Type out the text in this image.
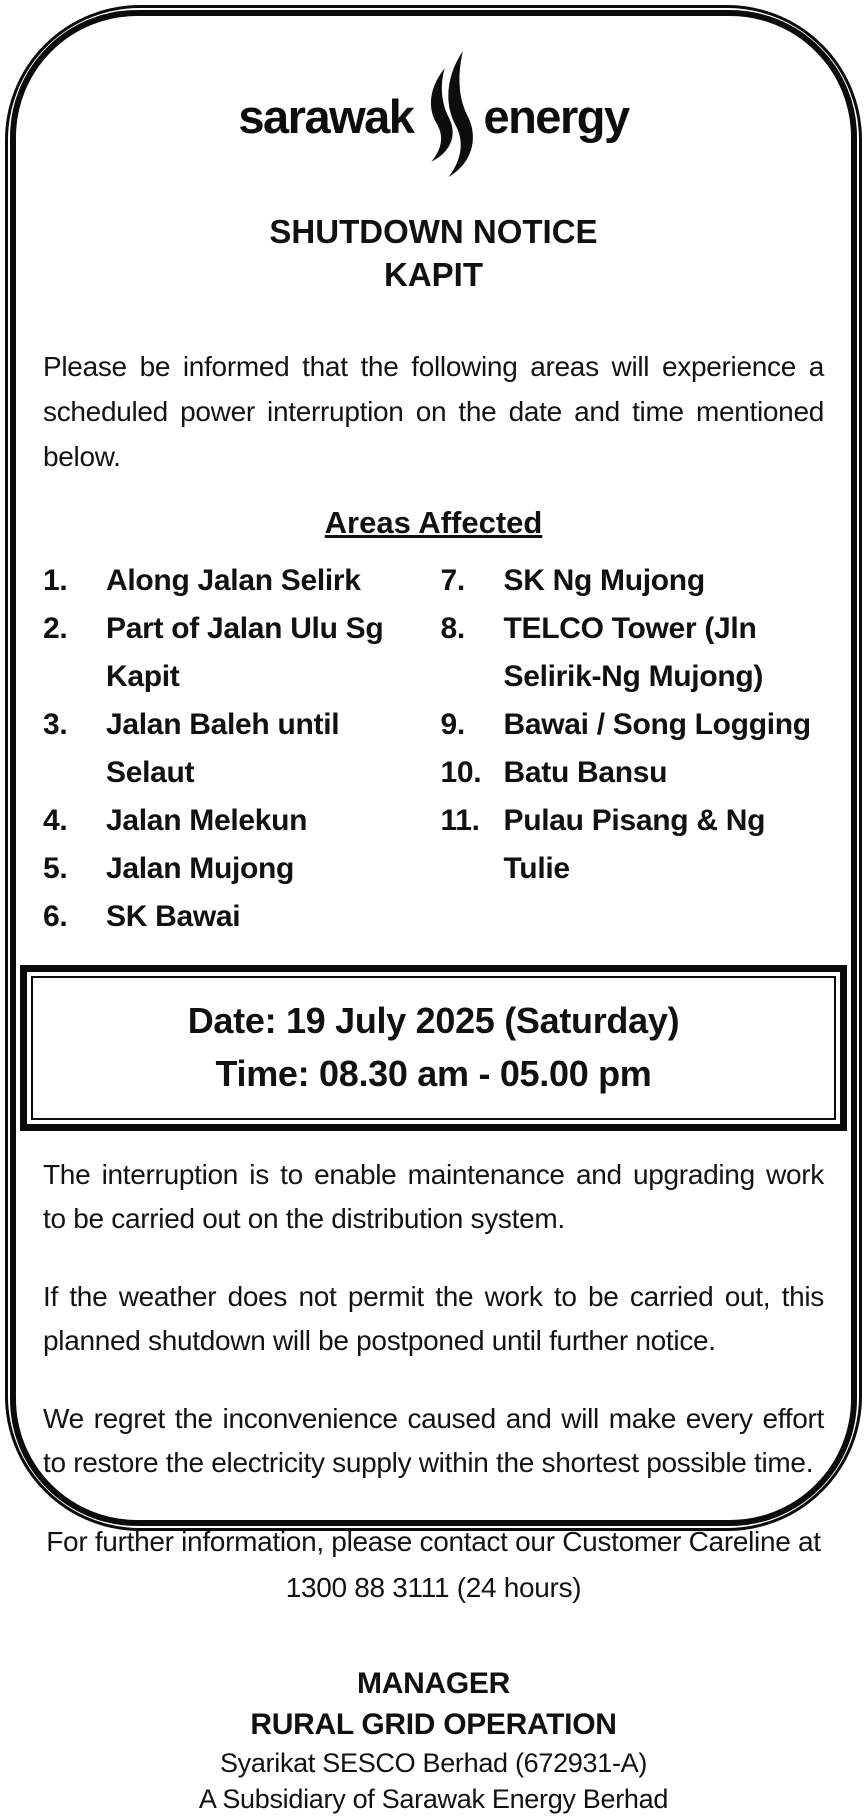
sarawak energy
SHUTDOWN NOTICE
KAPIT
Please be informed that the following areas will experience a scheduled power interruption on the date and time mentioned below.
Areas Affected
1.	Along Jalan Selirk
2.	Part of Jalan Ulu Sg Kapit
3.	Jalan Baleh until Selaut
4.	Jalan Melekun
5.	Jalan Mujong
6.	SK Bawai
7.	SK Ng Mujong
8.	TELCO Tower (Jln Selirik-Ng Mujong)
9.	Bawai / Song Logging
10. Batu Bansu
11. Pulau Pisang & Ng Tulie
Date: 19 July 2025 (Saturday)
Time: 08.30 am - 05.00 pm

The interruption is to enable maintenance and upgrading work to be carried out on the distribution system.

If the weather does not permit the work to be carried out, this planned shutdown will be postponed until further notice.

We regret the inconvenience caused and will make every effort to restore the electricity supply within the shortest possible time.

For further information, please contact our Customer Careline at
1300 88 3111 (24 hours)
MANAGER
RURAL GRID OPERATION
Syarikat SESCO Berhad (672931-A)
A Subsidiary of Sarawak Energy Berhad
